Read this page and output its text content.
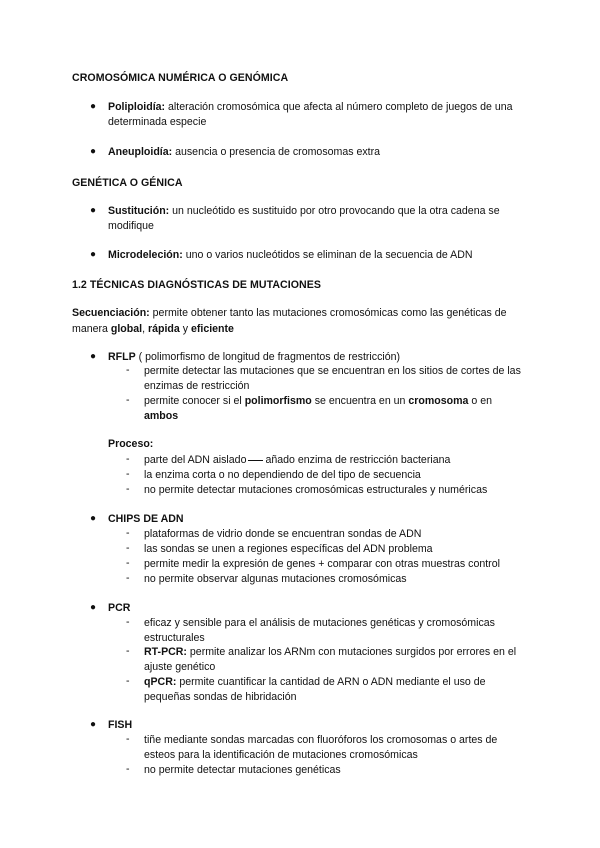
CROMOSÓMICA NUMÉRICA O GENÓMICA
●	Poliploidía: alteración cromosómica que afecta al número completo de juegos de una determinada especie
●	Aneuploidía: ausencia o presencia de cromosomas extra
GENÉTICA O GÉNICA
●	Sustitución: un nucleótido es sustituido por otro provocando que la otra cadena se modifique
●	Microdeleción: uno o varios nucleótidos se eliminan de la secuencia de ADN
1.2 TÉCNICAS DIAGNÓSTICAS DE MUTACIONES
Secuenciación: permite obtener tanto las mutaciones cromosómicas como las genéticas de manera global, rápida y eficiente
●	RFLP ( polimorfismo de longitud de fragmentos de restricción)
-	permite detectar las mutaciones que se encuentran en los sitios de cortes de las enzimas de restricción
-	permite conocer si el polimorfismo se encuentra en un cromosoma o en ambos
Proceso:
-	parte del ADN aislado añado enzima de restricción bacteriana
-	la enzima corta o no dependiendo de del tipo de secuencia
-	no permite detectar mutaciones cromosómicas estructurales y numéricas
●	CHIPS DE ADN
-	plataformas de vidrio donde se encuentran sondas de ADN
-	las sondas se unen a regiones específicas del ADN problema
-	permite medir la expresión de genes + comparar con otras muestras control
-	no permite observar algunas mutaciones cromosómicas
●	PCR
-	eficaz y sensible para el análisis de mutaciones genéticas y cromosómicas estructurales
-	RT-PCR: permite analizar los ARNm con mutaciones surgidos por errores en el ajuste genético
-	qPCR: permite cuantificar la cantidad de ARN o ADN mediante el uso de pequeñas sondas de hibridación
●	FISH
-	tiñe mediante sondas marcadas con fluoróforos los cromosomas o artes de esteos para la identificación de mutaciones cromosómicas
-	no permite detectar mutaciones genéticas
